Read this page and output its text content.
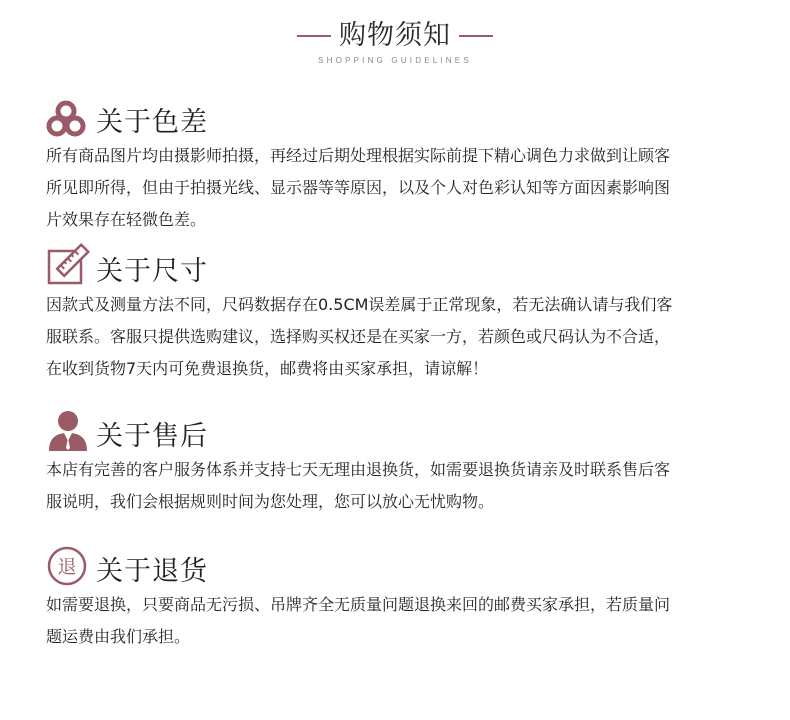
购物须知
SHOPPING GUIDELINES
关于色差
所有商品图片均由摄影师拍摄，再经过后期处理根据实际前提下精心调色力求做到让顾客
所见即所得，但由于拍摄光线、显示器等等原因，以及个人对色彩认知等方面因素影响图
片效果存在轻微色差。
关于尺寸
因款式及测量方法不同，尺码数据存在0.5CM误差属于正常现象，若无法确认请与我们客
服联系。客服只提供选购建议，选择购买权还是在买家一方，若颜色或尺码认为不合适，
在收到货物7天内可免费退换货，邮费将由买家承担，请谅解！
关于售后
本店有完善的客户服务体系并支持七天无理由退换货，如需要退换货请亲及时联系售后客
服说明，我们会根据规则时间为您处理，您可以放心无忧购物。
退 关于退货
如需要退换，只要商品无污损、吊牌齐全无质量问题退换来回的邮费买家承担，若质量问
题运费由我们承担。
